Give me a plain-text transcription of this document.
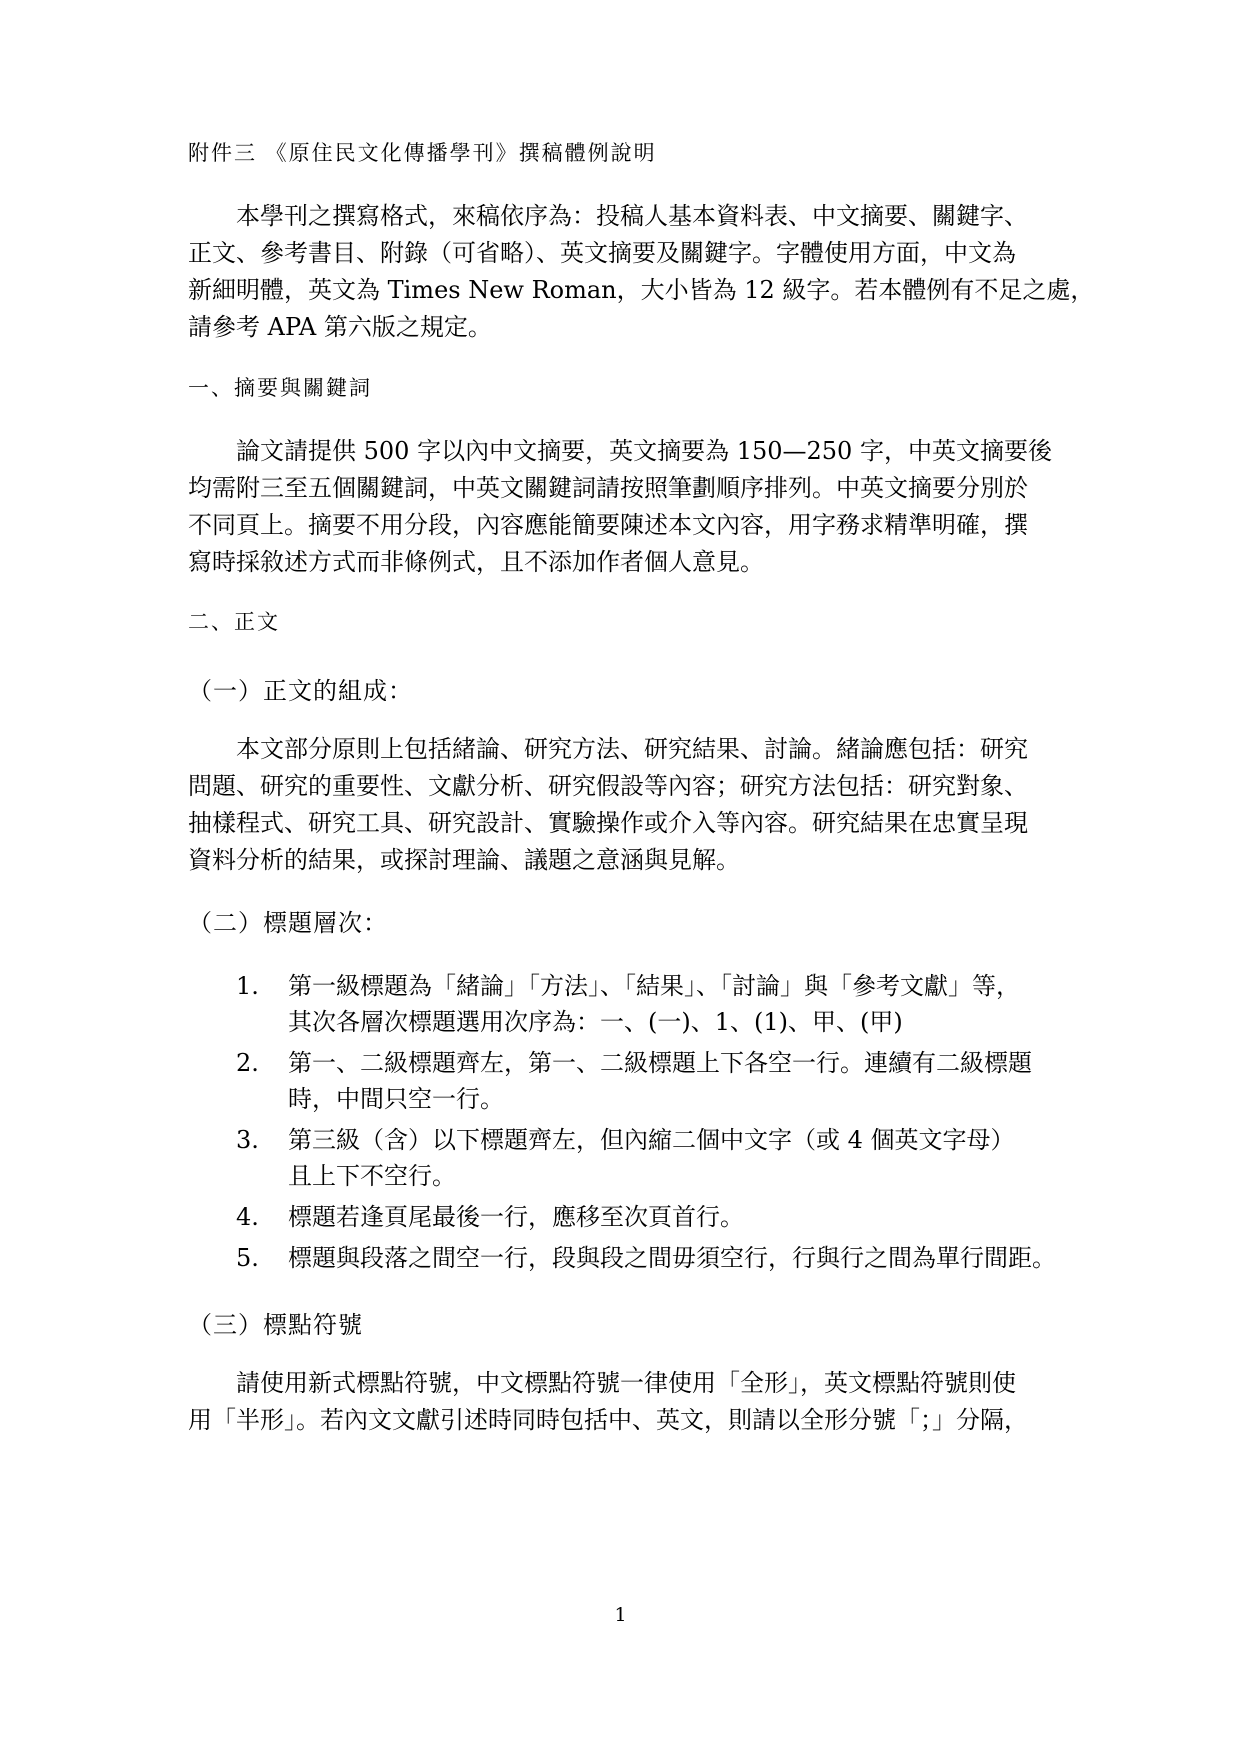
附件三 《原住民文化傳播學刊》撰稿體例說明
本學刊之撰寫格式，來稿依序為：投稿人基本資料表、中文摘要、關鍵字、
正文、參考書目、附錄（可省略）、英文摘要及關鍵字。字體使用方面，中文為
新細明體，英文為 Times New Roman，大小皆為 12 級字。若本體例有不足之處，
請參考 APA 第六版之規定。
一、摘要與關鍵詞
論文請提供 500 字以內中文摘要，英文摘要為 150—250 字，中英文摘要後
均需附三至五個關鍵詞，中英文關鍵詞請按照筆劃順序排列。中英文摘要分別於
不同頁上。摘要不用分段，內容應能簡要陳述本文內容，用字務求精準明確，撰
寫時採敘述方式而非條例式，且不添加作者個人意見。
二、正文
（一）正文的組成：
本文部分原則上包括緒論、研究方法、研究結果、討論。緒論應包括：研究
問題、研究的重要性、文獻分析、研究假設等內容；研究方法包括：研究對象、
抽樣程式、研究工具、研究設計、實驗操作或介入等內容。研究結果在忠實呈現
資料分析的結果，或探討理論、議題之意涵與見解。
（二）標題層次：
1. 第一級標題為「緒論」「方法」、「結果」、「討論」與「參考文獻」等，
其次各層次標題選用次序為：一、(一)、1、(1)、甲、(甲)
2. 第一、二級標題齊左，第一、二級標題上下各空一行。連續有二級標題
時，中間只空一行。
3. 第三級（含）以下標題齊左，但內縮二個中文字（或 4 個英文字母）
且上下不空行。
4. 標題若逢頁尾最後一行，應移至次頁首行。
5. 標題與段落之間空一行，段與段之間毋須空行，行與行之間為單行間距。
（三）標點符號
請使用新式標點符號，中文標點符號一律使用「全形」，英文標點符號則使
用「半形」。若內文文獻引述時同時包括中、英文，則請以全形分號「；」分隔，
1
